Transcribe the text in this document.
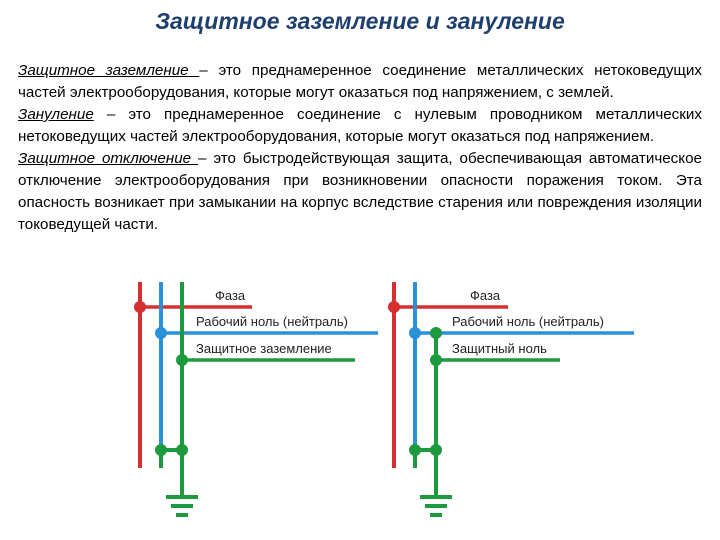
Защитное заземление и зануление

Защитное заземление – это преднамеренное соединение металлических нетоковедущих частей электрооборудования, которые могут оказаться под напряжением, с землей.

Зануление – это преднамеренное соединение с нулевым проводником металлических нетоковедущих частей электрооборудования, которые могут оказаться под напряжением.

Защитное отключение – это быстродействующая защита, обеспечивающая автоматическое отключение электрооборудования при возникновении опасности поражения током. Эта опасность возникает при замыкании на корпус вследствие старения или повреждения изоляции токоведущей части.

Фаза
Рабочий ноль (нейтраль)
Защитное заземление
Фаза
Рабочий ноль (нейтраль)
Защитный ноль
